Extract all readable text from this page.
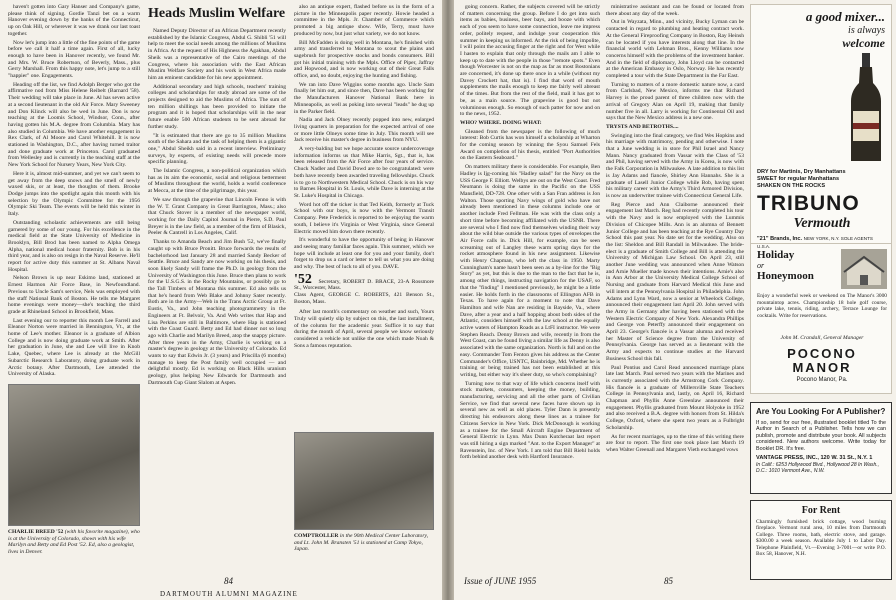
haven't gotten into Gary Hanser and Company's game, please think of signing. Gordie Tanzi bet on a warm Hanover evening down by the banks of the Connecticut, up on Oak Hill, or wherever it was we drank our last toast together.

Now let's jump into a little of the fine points of the game before we call it half a time again. First of all, lucky enough to have been in Hanover recently, we found Mr. and Mrs. W. Bruce Robertson, of Beverly, Mass., plus Gerry Marshall. From this happy note, let's jump to a still "happier" one. Engagements.

Heading off the list, we find Adolph Berger who got the affirmative nod from Miss Helene Reibelt (Barnard '58). Their wedding will take place in June. Al has seven active at a second lieutenant in the old Air Force. Mary Sweeney and Don Klinck will also be wed in June. Don is now teaching at the Loomis School, Windsor, Conn., after having gotten his M.A. degree from Columbia. Mary has also studied in Columbia. We have another engagement in Rex Clark, of Al Moore and Carol Whitehill. It is now stationed in Washington, D.C., after having turned traitor and done graduate work at Princeton. Carol graduated from Wellesley and is currently in the teaching staff at the New York School for Nursery Years, New York City.

Here it is, almost mid-summer, and yet we can't seem to get away from the deep snows and the smell of newly waxed skis, or at least, the thoughts of them. Brooke Dodge jumps into the spotlight again this month with his selection by the Olympic Committee for the 1956 Olympic Ski Team. The events will be held this winter in Italy.

Outstanding scholastic achievements are still being garnered by some of our young. For his excellence in the medical field at the State University of Medicine in Brooklyn, Bill Brod has been named to Alpha Omega Alpha, national medical honor fraternity. Bob is in his third year, and is also on resign in the Naval Reserve. He'll report for active duty this summer at St. Albans Naval Hospital.

Nelson Brown is up near Eskimo land, stationed at Ernest Harmon Air Force Base, in Newfoundland. Previous to Uncle Sam's service, Nels was employed with the staff National Bank of Boston. He tells me Margaret home evenings were money—she's teaching the third grade at Rhineland School in Brookfield, Mass.

Last evening our to reporter this month Lee Farrell and Eleanor Norton were married in Bennington, Vt., at the home of Lee's mother. Eleanor is a graduate of Albion College and is now doing graduate work at Smith. After her graduation in June, she and Lee will live in Knob Lake, Quebec, where Lee is already at the McGill Subarctic Research Laboratory, doing graduate work in Arctic botany. After Dartmouth, Lee attended the University of Alaska.

CHARLIE BREED '52 (with his favorite magazine), who is at the University of Colorado, shown with his wife Marilyn and Betty and Ed Post '52. Ed, also a geologist, lives in Denver.
Heads Muslim Welfare

Named Deputy Director of an African Department recently established by the Islamic Congress, Abdul G. Shibli '51 will help to meet the social needs among the millions of Muslims in Africa. At the request of His Highness the Agakhan, Abdul Sheik was a representative of the Cairo meetings of the Congress, where his association with the East African Muslim Welfare Society and his work in West Africa made him an eminent candidate for his new appointment.

Additional secondary and high schools, teachers' training colleges and scholarships for study abroad are some of the projects designed to aid the Muslims of Africa. The sum of ten million shillings has been provided to initiate the program and it is hoped that scholarships will in the near future enable 500 African students to be sent abroad for further study.

"It is estimated that there are go to 35 million Muslims south of the Sahara and the task of helping them is a gigantic one," Abdul Sheikh said in a recent interview. Preliminary surveys, by experts, of existing needs will precede more specific planning.

The Islamic Congress, a non-political organization which has as its aim the economic, social and religious betterment of Muslims throughout the world, holds a world conference at Mecca, at the time of the pilgrimage, this year.

We saw through the grapevine that Lincoln Fenno is with the W. T. Grant Company in Great Barrington, Mass.; also that Chuck Stover is a member of the newspaper world, working for the Daily Capitol Journal in Pierre, S.D. Paul Breyer is in the law field, as a member of the firm of Blasick, Peeler & Cantrell in Los Angeles, Calif.

Thanks to Amanda Beach and Jim Bush '52, we've finally caught up with Bruce Pronitt. Bruce forwards the results of bachelorhood last January 28 and married Sandy Becker of Seattle. Bruce and Sandy are now working on his thesis, and soon likely Sandy will frame the Ph.D. in geology from the University of Washington this June. Bruce then plans to work for the U.S.G.S. in the Rocky Mountains, or possibly go to the Tall Timbers of Montana this summer. Ed also tells us that he's heard from Web Blake and Johnny Sater recently. Both are in the Army—Web in the Trans Arctic Group at Ft. Eustis, Va., and John teaching photogrammetry in the Engineers at Ft. Belvoir, Va. And Web writes that Hap and Lisa Perkins are still in Baltimore, where Hap is stationed with the Coast Guard. Betty and Ed had dinner not so long ago with Charlie and Marilyn Breed, atop the snappy picture. After three years in the Army, Charlie is working on a master's degree in geology at the University of Colorado. Ed wants to say that Edwin Jr. (3 years) and Priscilla (6 months) manage to keep the Post family well occupied — and delightful mostly. Ed is working on Black Hills uranium geology, plus helping New Edwards for Dartmouth and Dartmouth Cup Giant Slalom at Aspen.

also an antique expert, flashed before us in the form of a picture in the Minneapolis paper recently. Howie headed a committee in the Mpls. Jr. Chamber of Commerce which promoted a big antique show. Wife, Terry, must have produced by now, but just what variety, we do not know.

Bill McFadden is doing well in Montana, he's finished with army and transferred to Montana to scout the plains and sagebrush for prospective stocks and bonds consumers. Bill got his initial training with the Mpls. Office of Piper, Jaffray and Hopwood, and is now working out of their Great Falls office, and, no doubt, enjoying the hunting and fishing.

We ran into Dave Wiggins some months ago. Uncle Sam finally let him out, and since then, Dave has been working for the Manufacturers Hanover National Bank here in Minneapolis, as well as poking into several "leads" he dug up in the Parker field.

Nadia and Jack Olney recently popped into new, enlarged living quarters in preparation for the expected arrival of one or more little Olneys some time in July. This month will see Jack receive his master's degree in business from NYU.

A very-balding but we hope accurate source undercoverage information informs us that Mike Harris, Sgt., that is, has been released from the Air Force after four years of service. Chuck Nadler and David Dowd are to be congratulated: were both have recently been awarded traveling fellowships. Chuck is to go to Northwestern Medical School. Chuck is on his way to Barnes Hospital in St. Louis, while Dave is interning at the St. Luke's Hospital in Chicago.

Word hot off the ticker is that Ted Keith, formerly at Tuck School with our boys, is now with the Vermont Transit Company. Pete Frederick is reported to be enjoying the warm south, I believe it's Virginia or West Virginia, since General Electric moved him down there recently.

It's wonderful to have the opportunity of being in Hanover and seeing many familiar faces again. This summer, which we hope will include at least one for you and your family, don't forget to drop us a card or letter to tell us what you are doing and why. The best of luck to all of you. DAVE.

'52 Secretary, ROBERT D. BRACE, 23-A Rossmore St., Worcester, Mass.
Class Agent, GEORGE C. ROBERTS, 421 Benson St., Boston, Mass.

After last month's commentary on weather and such, Yours Truly will quietly slip by subject on this, the last installment, of the column for the academic year. Suffice it to say that during the month of April, several people we know seriously considered a vehicle not unlike the one which made Noah & Sons a famous reputation.

COMPTROLLER in the 90th Medical Center Laboratory, and Lt. John M. Bransten '51 is stationed at Camp Tokyo, Japan.
84
DARTMOUTH ALUMNI MAGAZINE

going concern. Rather, the subjects covered will be strictly of matters concerning the group. Before I do get into such items as babies, business, beer bays, and booze with which each of you seem to have some connection, leave me impress order, politely request, and indulge your cooperation this summer in keeping us informed. At the risk of being impolite, I will point the accusing finger at the right and for West while I hasten to explain that only through the mails am I able to keep up to date with the people in those "remote spots." Even though Worcester is not on the map as far as most Bostonians are concerned, it's done up there once in a while (without my Davey Crockett hat, that is). I find that word of mouth supplements the mails enough to keep me fairly well abreast of the times. But from the rest of the field, mail it has got to be, as a main source. The grapevine is good but not voluminous enough. So enough of such patter for now and on to the news, 1952.

WHO? WHERE. DOING WHAT:

Gleaned from the newspaper is the following of much interest: Bob Curtis has won himself a scholarship at Wharton for the coming season by winning the Syou Samuel Fels Award on completion of his thesis, entitled "Port Authorities on the Eastern Seaboard."

On matters military there is considerable. For example, Ben Hadley is Ijg-coming his "Hadley salad" for the Navy on the USS George F. Elliott. Welbys are out on the West Coast. Fred Neumann is doing the same in the Pacific on the USS Mansfield, DD-728. One other with a San Fran address is Jon Walton. Those sporting Navy wings of gold who have not already been mentioned in these columns include one or another include Fred Fellman. He was with the class only a short time before becoming affiliated with the USNR. There are several who I find now find themselves winding their way about the wild blue outside the various types of envelopes the Air Force calls in. Dick Hill, for example, can be seen screaming out of Langley these warm spring days for the rocket atmosphere found in his new assignment. Likewise with Henry Chapman, who left the class in 1950. Marty Cunningham's name hasn't been seen as a by-line for the "Big Story" as yet, but this is due to the man to the fact that he is, among other things, instructing navigation for the USAF, so that the "finding" I mentioned previously, he might be a little easier. He holds forth in the classrooms of Ellington AFB in Texas. To have again for a moment to note that Dave Hamilton and wife Nan are residing in Bayside, Va., where Dave, after a year and a half hopping about both sides of the Atlantic, considers himself with the law school at the equally active waters of Hampton Roads as a LtFI instructor. We were Stephen Reach. Denny Brown and wife, recently in from the West Coast, can be found living a similar life as Denny is also associated with the same organization. North is full and on the easy. Commander Tom Fenton gives his address as the Center Commander's Office, USNTC, Bainbridge, Md. Whether he is training or being trained has not been established at this writing, but either way it's sheer duty, so who's complaining?

Turning now to that way of life which concerns itself with stock markets, consumers, keeping the money, building, manufacturing, servicing and all the other parts of Civilian Service, we find that several new faces have shown up in several new as well as old places. Tyler Dann is presently directing his endeavors along these lines as a trainee for Citizens Service in New York. Dick McDonough is working as a trainee for the Small Aircraft Engine Department of General Electric in Lynn. Max Dunn Kutcheraat last report was still hiring a sign marked "Ant. to the Export Manager" at Ravenstein, Inc. of New York. I am told that Bill Riehl holds forth behind another desk with Hartford Insurance.

ministrative assistant and can be found or located from there about any day of the week.

Out in Wayzata, Minn., and vicinity, Bucky Lyman can be contacted in regard to plumbing and heating contract work. At the General Fireproofing Company in Boston, Ray Heinsh can be located if you have interests along that line. In the financial world with Lehman Bros., Kenny Williams now concerns himself with the problems of the investment banker. And in the field of diplomacy, John Lloyd can be contacted at the American Embassy in Oslo, Norway. He has recently completed a tour with the State Department in the Far East.

Turning to matters of a more domestic nature now, a card from Carlsbad, New Mexico, informs me that Richard Harvey is the proud parent of three children now with the arrival of Gregory Alan on April 19, making that family number five in all. Larry is working for Continental Oil and says that the New Mexico address is a new one.

TRYSTS AND BETROTHS....

Swinging into the final category, we find Wes Hopkins and his marriage with matrimony, pending and otherwise. I note that a June wedding is in store for Phil Israel and Nancy Mann. Nancy graduated from Vassar with the Class of '53 and Phil, having served with the Army in Korea, is now with the Falk Corporation in Milwaukee. A late addition to this list is Jay Adams and fiancée, Shirley Ann Hannahs. She is a graduate of Lasell Junior College while Bob, having spent his military career with the Army's Third Armored Division, is now an underwriter trainee with Connecticut General Life.

Reg Pierce and Ann Claiborne announced their engagement last March. Reg had recently completed his tour with the Navy and is now employed with the Lummis Division of Chicopee Mills. Ann is an alumna of Bennett Junior College and has been teaching at the Rye Country Day School this past year. No date set for the wedding. Also on the list: Sheldon and Bill Randall in Milwaukee. The bride-elect is a graduate of Smith College and Bill is attending the University of Michigan Law School. On April 23, still another June wedding was announced when Anne Watson and Arnie Mueller made known their intentions. Arnie's also in Ann Arbor at the University Medical College School of Nursing and graduate from Harvard Medical this June and will intern at the Pennsylvania Hospital in Philadelphia. John Adams and Lynn Ward, now a senior at Wheelock College, announced their engagement last April 20. John served with the Army in Germany after having been stationed with the Western Electric Company of New York. Alexandra Phillips and George von Peterffy announced their engagement on April 23. George's fiancée is a Vassar alumna and received her Master of Science degree from the University of Pennsylvania. George has served as a lieutenant with the Army and expects to continue studies at the Harvard Business School this fall.

Paul Pontius and Carol Read announced marriage plans late last March. Paul served two years with the Marines and is currently associated with the Armstrong Cork Company. His fiancée is a graduate of Millersville State Teachers College in Pennsylvania and, lastly, on April 16, Richard Chapman and Phyllis Anne Greenlaw announced their engagement. Phyllis graduated from Mount Holyoke in 1952 and also received a B.A. degree with honors from St. Hilda's College, Oxford, where she spent two years as a Fulbright Scholarship.

As for recent marriages, up to the time of this writing there are four to report. The first one took place last March 19 when Walter Greenall and Margaret Vieth exchanged vows

a good mixer...
is always
welcome
DRY for Martinis, Dry Manhattans
SWEET for regular Manhattans
SHAKEN ON THE ROCKS
TRIBUNO
Vermouth
"21" Brands, Inc. NEW YORK, N.Y. SOLE AGENTS U.S.A.
Holiday
or
Honeymoon
Enjoy a wonderful week or weekend on The Manor's 3000 mountaintop acres. Championship 18 hole golf course, private lake, tennis, riding, archery, Terrace Lounge for cocktails. Write for reservations.
John M. Crandall, General Manager
POCONO
MANOR
Pocono Manor, Pa.
Are You Looking For A Publisher?
If so, send for our free, illustrated booklet titled To the Author in Search of a Publisher. Tells how we can publish, promote and distribute your book. All subjects considered. New authors welcome. Write today for Booklet DR. It's free.
VANTAGE PRESS, INC., 120 W. 31 St., N.Y. 1
In Calif.: 6253 Hollywood Blvd., Hollywood 28 In Wash., D.C.: 1010 Vermont Ave., N.W.
For Rent
Charmingly furnished brick cottage, wood burning fireplace. Vermont rural area, 10 miles from Dartmouth College. Three rooms, bath, electric stove, and garage. $300.00 a week season. Available July 1 to Labor Day. Telephone Plainfield, Vt.—Evening 3-7001—or write P.O. Box 58, Hanover, N.H.
Issue of JUNE 1955	85
